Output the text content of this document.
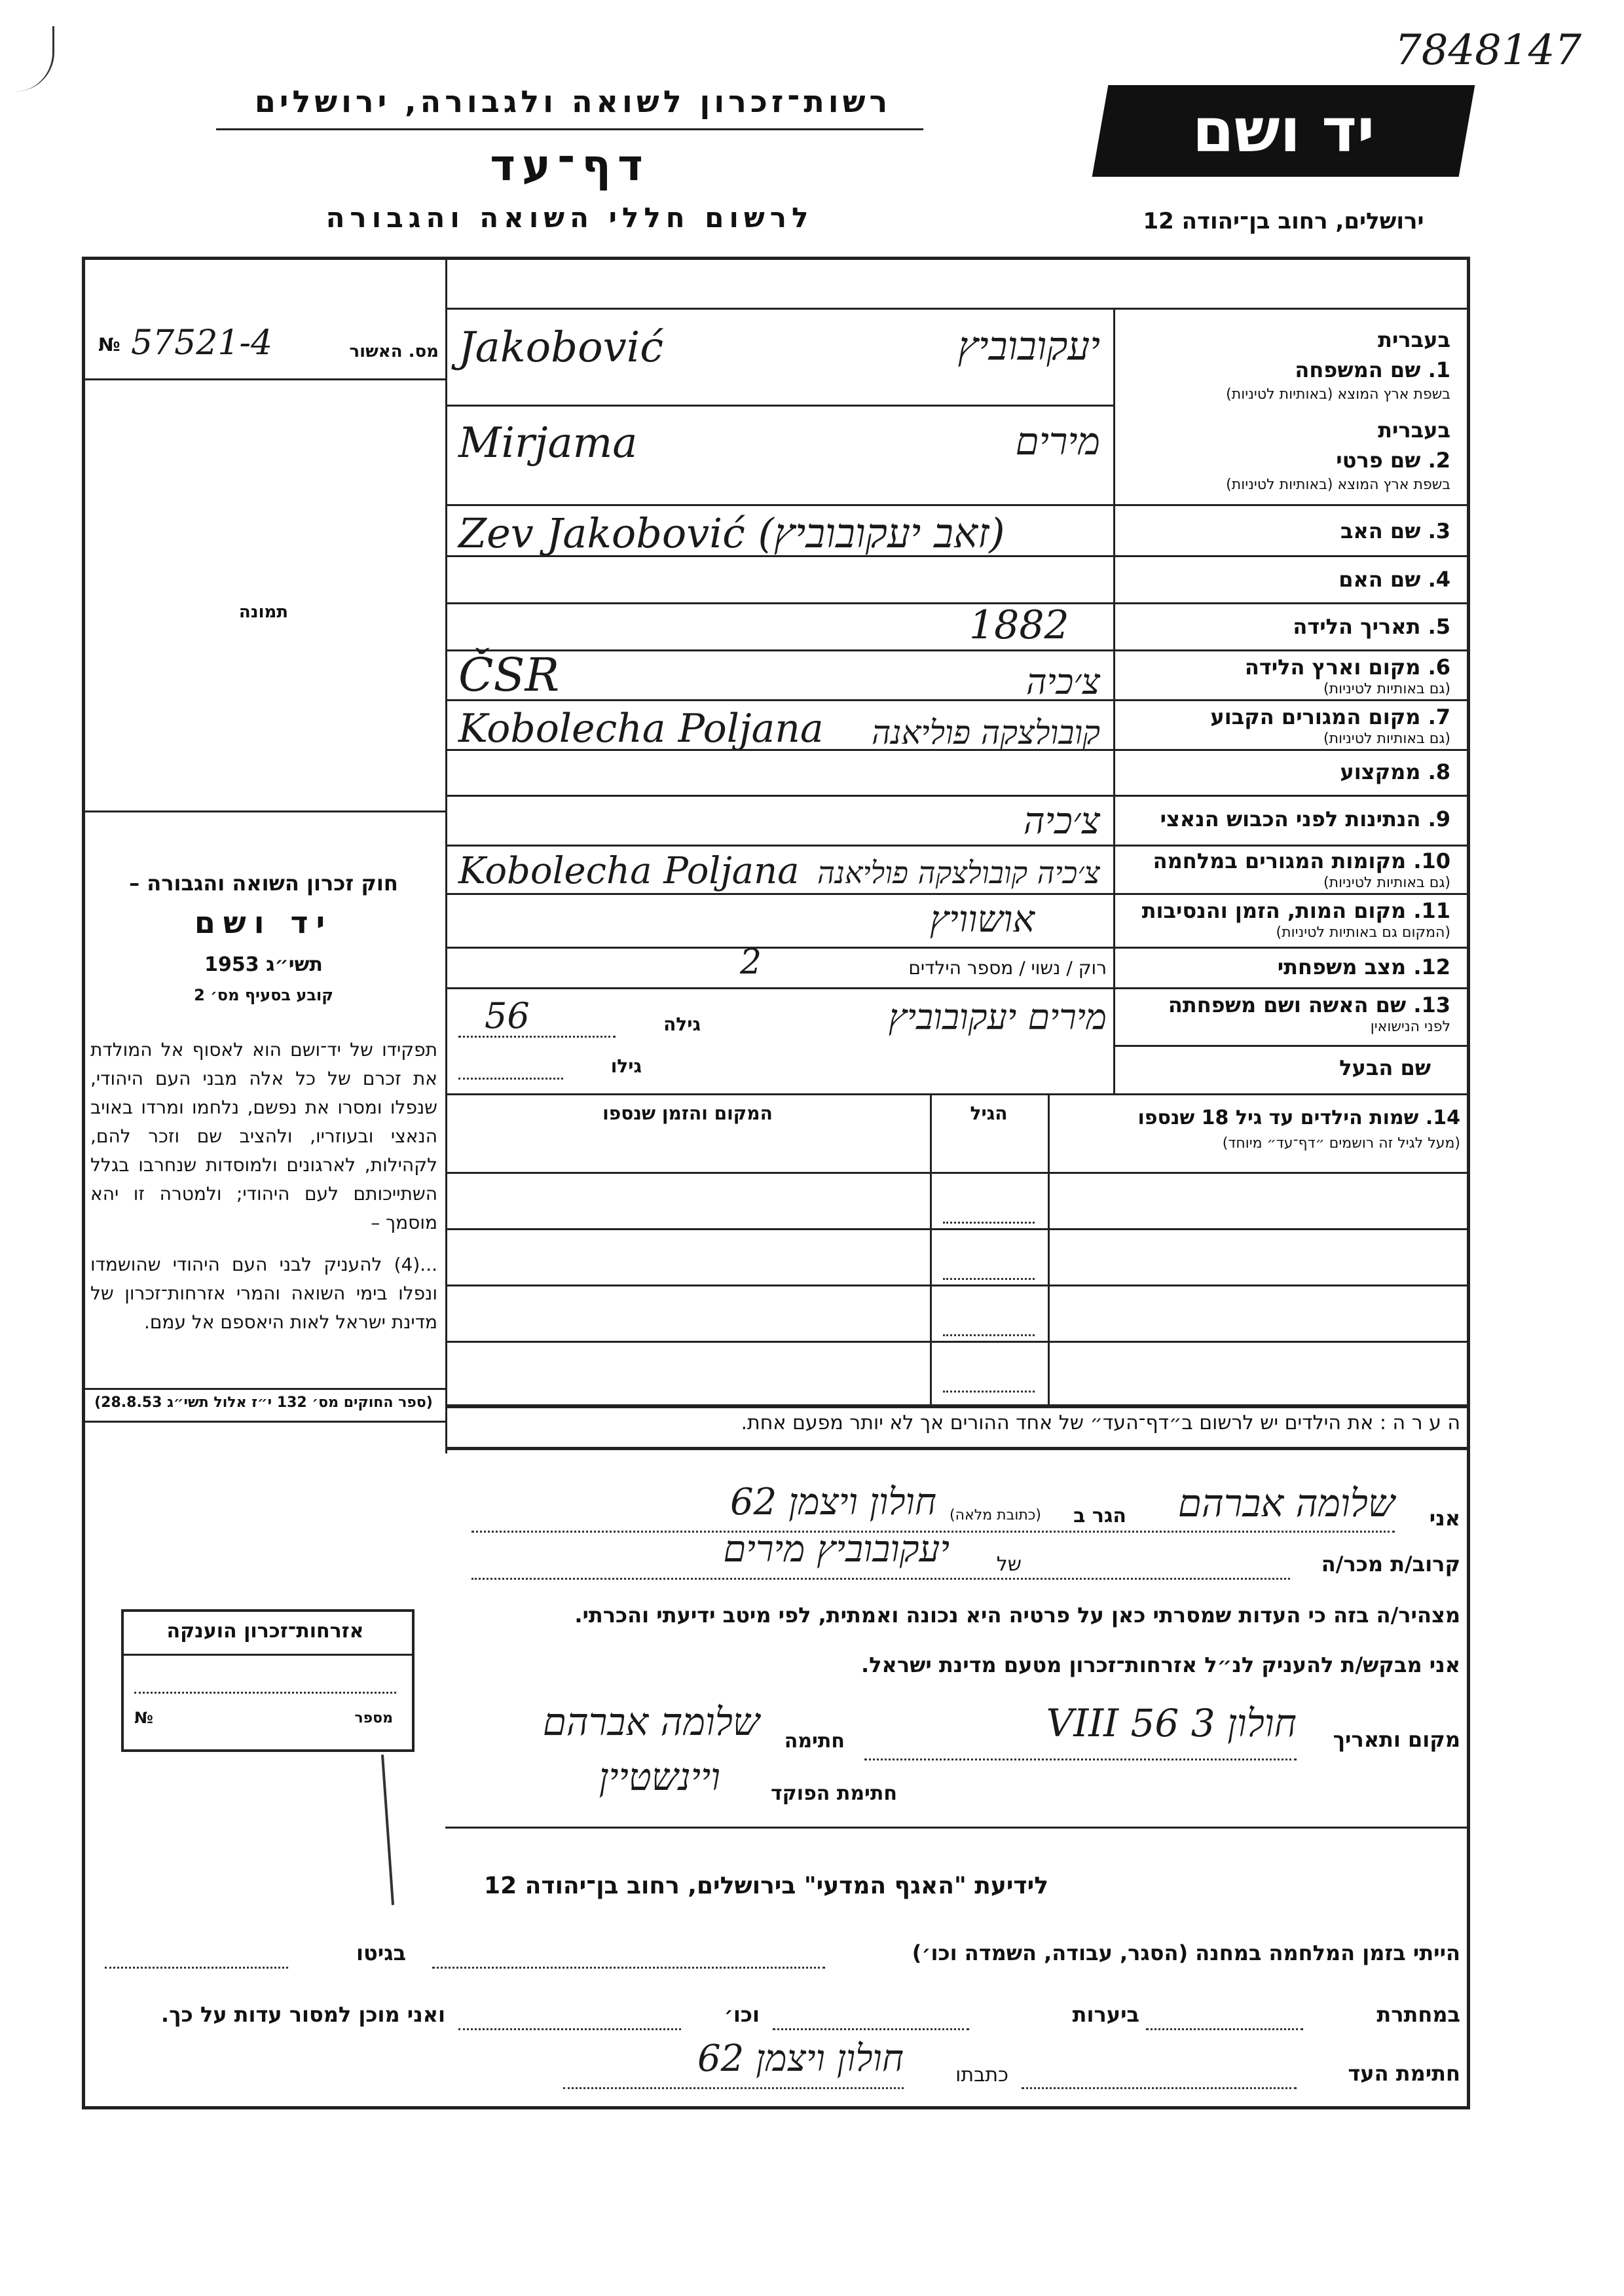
רשות־זכרון לשואה ולגבורה, ירושלים
דף־עד
לרשום חללי השואה והגבורה
יד ושם
7848147
ירושלים, רחוב בן־יהודה 12
מס. האשור
№ 57521-4
תמונה
חוק זכרון השואה והגבורה –
יד ושם
תשי״ג 1953
קובע בסעיף מס׳ 2
תפקידו של יד־ושם הוא לאסוף אל המולדת את זכרם של כל אלה מבני העם היהודי, שנפלו ומסרו את נפשם, נלחמו ומרדו באויב הנאצי ובעוזריו, ולהציב שם וזכר להם, לקהילות, לארגונים ולמוסדות שנחרבו בגלל השתייכותם לעם היהודי; ולמטרה זו יהא מוסמך –
...(4) להעניק לבני העם היהודי שהושמדו ונפלו בימי השואה והמרי אזרחות־זכרון של מדינת ישראל לאות היאספם אל עמם.
(ספר החוקים מס׳ 132 י״ז אלול תשי״ג 28.8.53)
אזרחות־זכרון הוענקה
מספר
№
בעברית
1. שם המשפחה
בשפת ארץ המוצא (באותיות לטיניות)
Jakobović	יעקובוביץ
בעברית
2. שם פרטי
בשפת ארץ המוצא (באותיות לטיניות)
Mirjama	מירים
3. שם האב
Zev Jakobović (זאב יעקובוביץ)
4. שם האם
5. תאריך הלידה
1882
6. מקום וארץ הלידה
(גם באותיות לטיניות)
ČSR	צ׳כיה
7. מקום המגורים הקבוע
(גם באותיות לטיניות)
Kobolecha Poljana	קובולצקה פוליאנה
8. ממקצוע
9. הנתינות לפני הכבוש הנאצי
צ׳כיה
10. מקומות המגורים במלחמה
(גם באותיות לטיניות)
Kobolecha Poljana צ׳כיה קובולצקה פוליאנה
11. מקום המות, הזמן והנסיבות
(המקום גם באותיות לטיניות)
אושוויץ
12. מצב משפחתי
רוק / נשוי / מספר הילדים
2
13. שם האשה ושם משפחתה
לפני הנישואין
מירים יעקובוביץ
גילה
56
שם הבעל
גילו
14. שמות הילדים עד גיל 18 שנספו
(מעל לגיל זה רושמים ״דף־עד״ מיוחד)
הגיל
המקום והזמן שנספו
ה ע ר ה : את הילדים יש לרשום ב״דף־העד״ של אחד ההורים אך לא יותר מפעם אחת.
אני
שלומה אברהם
הגר ב
(כתובת מלאה)
חולון ויצמן 62
קרוב/ת מכר/ה
של
יעקובוביץ מירים
מצהיר/ה בזה כי העדות שמסרתי כאן על פרטיה היא נכונה ואמתית, לפי מיטב ידיעתי והכרתי.
אני מבקש/ת להעניק לנ״ל אזרחות־זכרון מטעם מדינת ישראל.
מקום ותאריך
חולון 3 VIII 56
חתימה
שלומה אברהם
חתימת הפוקד
ויינשטיין
לידיעת "האגף המדעי" בירושלים, רחוב בן־יהודה 12
הייתי בזמן המלחמה במחנה (הסגר, עבודה, השמדה וכו׳)
בגיטו
במחתרת
ביערות
וכו׳
ואני מוכן למסור עדות על כך.
חתימת העד
כתבתו
חולון ויצמן 62
